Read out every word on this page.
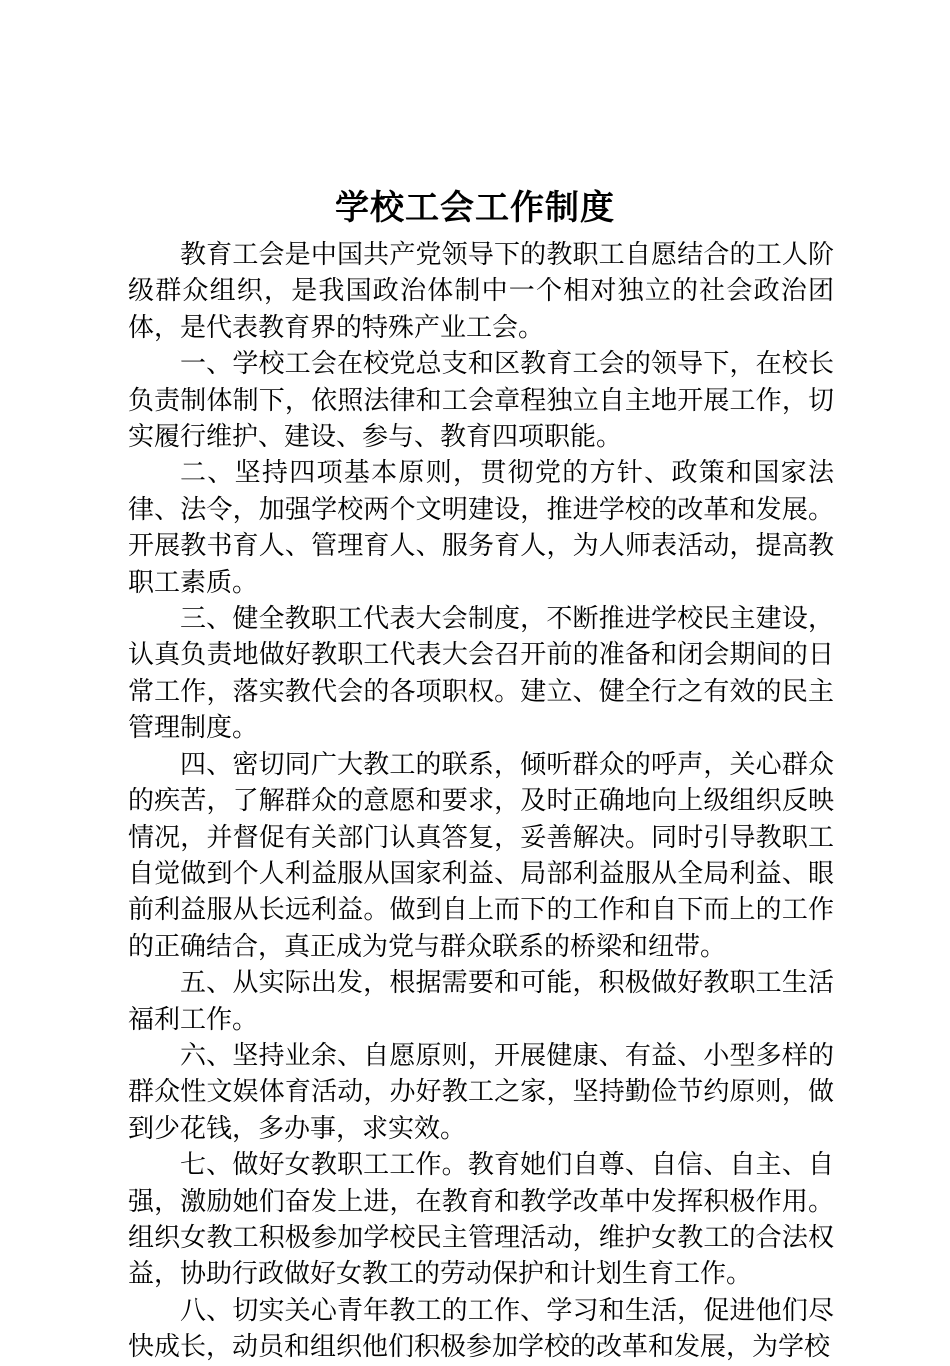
学校工会工作制度

教育工会是中国共产党领导下的教职工自愿结合的工人阶级群众组织，是我国政治体制中一个相对独立的社会政治团体，是代表教育界的特殊产业工会。

一、学校工会在校党总支和区教育工会的领导下，在校长负责制体制下，依照法律和工会章程独立自主地开展工作，切实履行维护、建设、参与、教育四项职能。

二、坚持四项基本原则，贯彻党的方针、政策和国家法律、法令，加强学校两个文明建设，推进学校的改革和发展。开展教书育人、管理育人、服务育人，为人师表活动，提高教职工素质。

三、健全教职工代表大会制度，不断推进学校民主建设，认真负责地做好教职工代表大会召开前的准备和闭会期间的日常工作，落实教代会的各项职权。建立、健全行之有效的民主管理制度。

四、密切同广大教工的联系，倾听群众的呼声，关心群众的疾苦，了解群众的意愿和要求，及时正确地向上级组织反映情况，并督促有关部门认真答复，妥善解决。同时引导教职工自觉做到个人利益服从国家利益、局部利益服从全局利益、眼前利益服从长远利益。做到自上而下的工作和自下而上的工作的正确结合，真正成为党与群众联系的桥梁和纽带。

五、从实际出发，根据需要和可能，积极做好教职工生活福利工作。

六、坚持业余、自愿原则，开展健康、有益、小型多样的群众性文娱体育活动，办好教工之家，坚持勤俭节约原则，做到少花钱，多办事，求实效。

七、做好女教职工工作。教育她们自尊、自信、自主、自强，激励她们奋发上进，在教育和教学改革中发挥积极作用。组织女教工积极参加学校民主管理活动，维护女教工的合法权益，协助行政做好女教工的劳动保护和计划生育工作。

八、切实关心青年教工的工作、学习和生活，促进他们尽快成长，动员和组织他们积极参加学校的改革和发展，为学校
